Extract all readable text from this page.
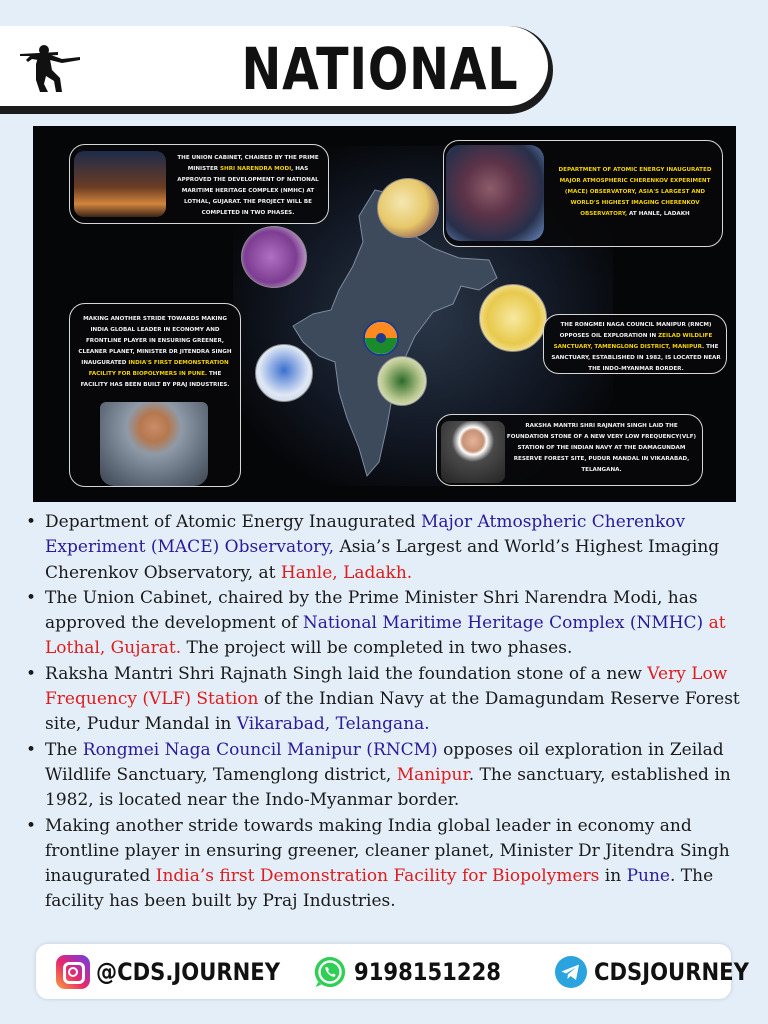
NATIONAL

THE UNION CABINET, CHAIRED BY THE PRIME MINISTER SHRI NARENDRA MODI, HAS APPROVED THE DEVELOPMENT OF NATIONAL MARITIME HERITAGE COMPLEX (NMHC) AT LOTHAL, GUJARAT. THE PROJECT WILL BE COMPLETED IN TWO PHASES.

DEPARTMENT OF ATOMIC ENERGY INAUGURATED MAJOR ATMOSPHERIC CHERENKOV EXPERIMENT (MACE) OBSERVATORY, ASIA'S LARGEST AND WORLD'S HIGHEST IMAGING CHERENKOV OBSERVATORY, AT HANLE, LADAKH

MAKING ANOTHER STRIDE TOWARDS MAKING INDIA GLOBAL LEADER IN ECONOMY AND FRONTLINE PLAYER IN ENSURING GREENER, CLEANER PLANET, MINISTER DR JITENDRA SINGH INAUGURATED INDIA'S FIRST DEMONSTRATION FACILITY FOR BIOPOLYMERS IN PUNE. THE FACILITY HAS BEEN BUILT BY PRAJ INDUSTRIES.

THE RONGMEI NAGA COUNCIL MANIPUR (RNCM) OPPOSES OIL EXPLORATION IN ZEILAD WILDLIFE SANCTUARY, TAMENGLONG DISTRICT, MANIPUR. THE SANCTUARY, ESTABLISHED IN 1982, IS LOCATED NEAR THE INDO-MYANMAR BORDER.

RAKSHA MANTRI SHRI RAJNATH SINGH LAID THE FOUNDATION STONE OF A NEW VERY LOW FREQUENCY(VLF) STATION OF THE INDIAN NAVY AT THE DAMAGUNDAM RESERVE FOREST SITE, PUDUR MANDAL IN VIKARABAD, TELANGANA.

• Department of Atomic Energy Inaugurated Major Atmospheric Cherenkov Experiment (MACE) Observatory, Asia’s Largest and World’s Highest Imaging Cherenkov Observatory, at Hanle, Ladakh.
• The Union Cabinet, chaired by the Prime Minister Shri Narendra Modi, has approved the development of National Maritime Heritage Complex (NMHC) at Lothal, Gujarat. The project will be completed in two phases.
• Raksha Mantri Shri Rajnath Singh laid the foundation stone of a new Very Low Frequency (VLF) Station of the Indian Navy at the Damagundam Reserve Forest site, Pudur Mandal in Vikarabad, Telangana.
• The Rongmei Naga Council Manipur (RNCM) opposes oil exploration in Zeilad Wildlife Sanctuary, Tamenglong district, Manipur. The sanctuary, established in 1982, is located near the Indo-Myanmar border.
• Making another stride towards making India global leader in economy and frontline player in ensuring greener, cleaner planet, Minister Dr Jitendra Singh inaugurated India’s first Demonstration Facility for Biopolymers in Pune. The facility has been built by Praj Industries.
@CDS.JOURNEY	9198151228	CDSJOURNEY
